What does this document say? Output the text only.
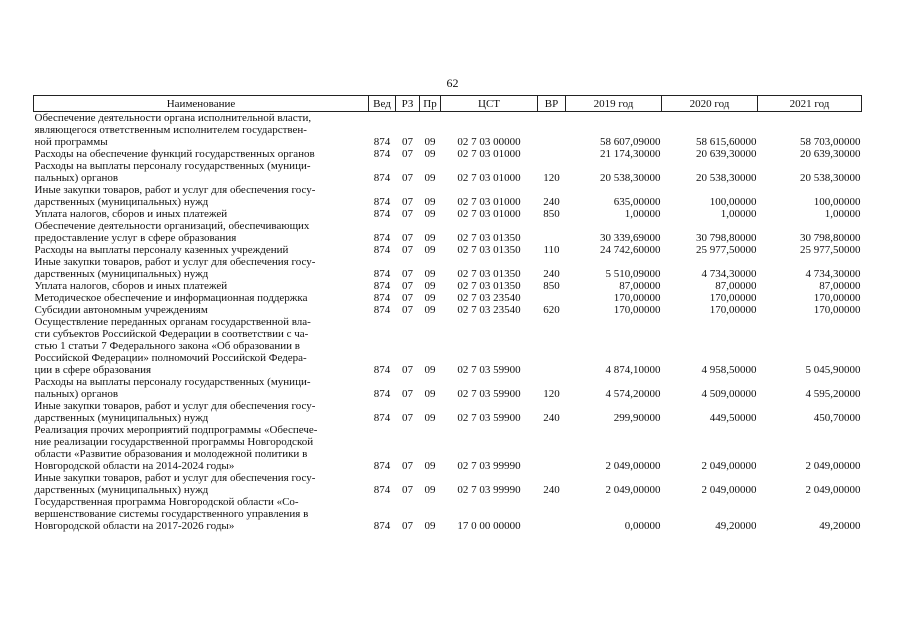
62
Наименование	Вед	РЗ	Пр	ЦСТ	ВР	2019 год	2020 год	2021 год
Обеспечение деятельности органа исполнительной власти,
являющегося ответственным исполнителем государствен-
ной программы	874	07	09	02 7 03 00000		58 607,09000	58 615,60000	58 703,00000
Расходы на обеспечение функций государственных органов	874	07	09	02 7 03 01000		21 174,30000	20 639,30000	20 639,30000
Расходы на выплаты персоналу государственных (муници-
пальных) органов	874	07	09	02 7 03 01000	120	20 538,30000	20 538,30000	20 538,30000
Иные закупки товаров, работ и услуг для обеспечения госу-
дарственных (муниципальных) нужд	874	07	09	02 7 03 01000	240	635,00000	100,00000	100,00000
Уплата налогов, сборов и иных платежей	874	07	09	02 7 03 01000	850	1,00000	1,00000	1,00000
Обеспечение деятельности организаций, обеспечивающих
предоставление услуг в сфере образования	874	07	09	02 7 03 01350		30 339,69000	30 798,80000	30 798,80000
Расходы на выплаты персоналу казенных учреждений	874	07	09	02 7 03 01350	110	24 742,60000	25 977,50000	25 977,50000
Иные закупки товаров, работ и услуг для обеспечения госу-
дарственных (муниципальных) нужд	874	07	09	02 7 03 01350	240	5 510,09000	4 734,30000	4 734,30000
Уплата налогов, сборов и иных платежей	874	07	09	02 7 03 01350	850	87,00000	87,00000	87,00000
Методическое обеспечение и информационная поддержка	874	07	09	02 7 03 23540		170,00000	170,00000	170,00000
Субсидии автономным учреждениям	874	07	09	02 7 03 23540	620	170,00000	170,00000	170,00000
Осуществление переданных органам государственной вла-
сти субъектов Российской Федерации в соответствии с ча-
стью 1 статьи 7 Федерального закона «Об образовании в
Российской Федерации» полномочий Российской Федера-
ции в сфере образования	874	07	09	02 7 03 59900		4 874,10000	4 958,50000	5 045,90000
Расходы на выплаты персоналу государственных (муници-
пальных) органов	874	07	09	02 7 03 59900	120	4 574,20000	4 509,00000	4 595,20000
Иные закупки товаров, работ и услуг для обеспечения госу-
дарственных (муниципальных) нужд	874	07	09	02 7 03 59900	240	299,90000	449,50000	450,70000
Реализация прочих мероприятий подпрограммы «Обеспече-
ние реализации государственной программы Новгородской
области «Развитие образования и молодежной политики в
Новгородской области на 2014-2024 годы»	874	07	09	02 7 03 99990		2 049,00000	2 049,00000	2 049,00000
Иные закупки товаров, работ и услуг для обеспечения госу-
дарственных (муниципальных) нужд	874	07	09	02 7 03 99990	240	2 049,00000	2 049,00000	2 049,00000
Государственная программа Новгородской области «Со-
вершенствование системы государственного управления в
Новгородской области на 2017-2026 годы»	874	07	09	17 0 00 00000		0,00000	49,20000	49,20000
